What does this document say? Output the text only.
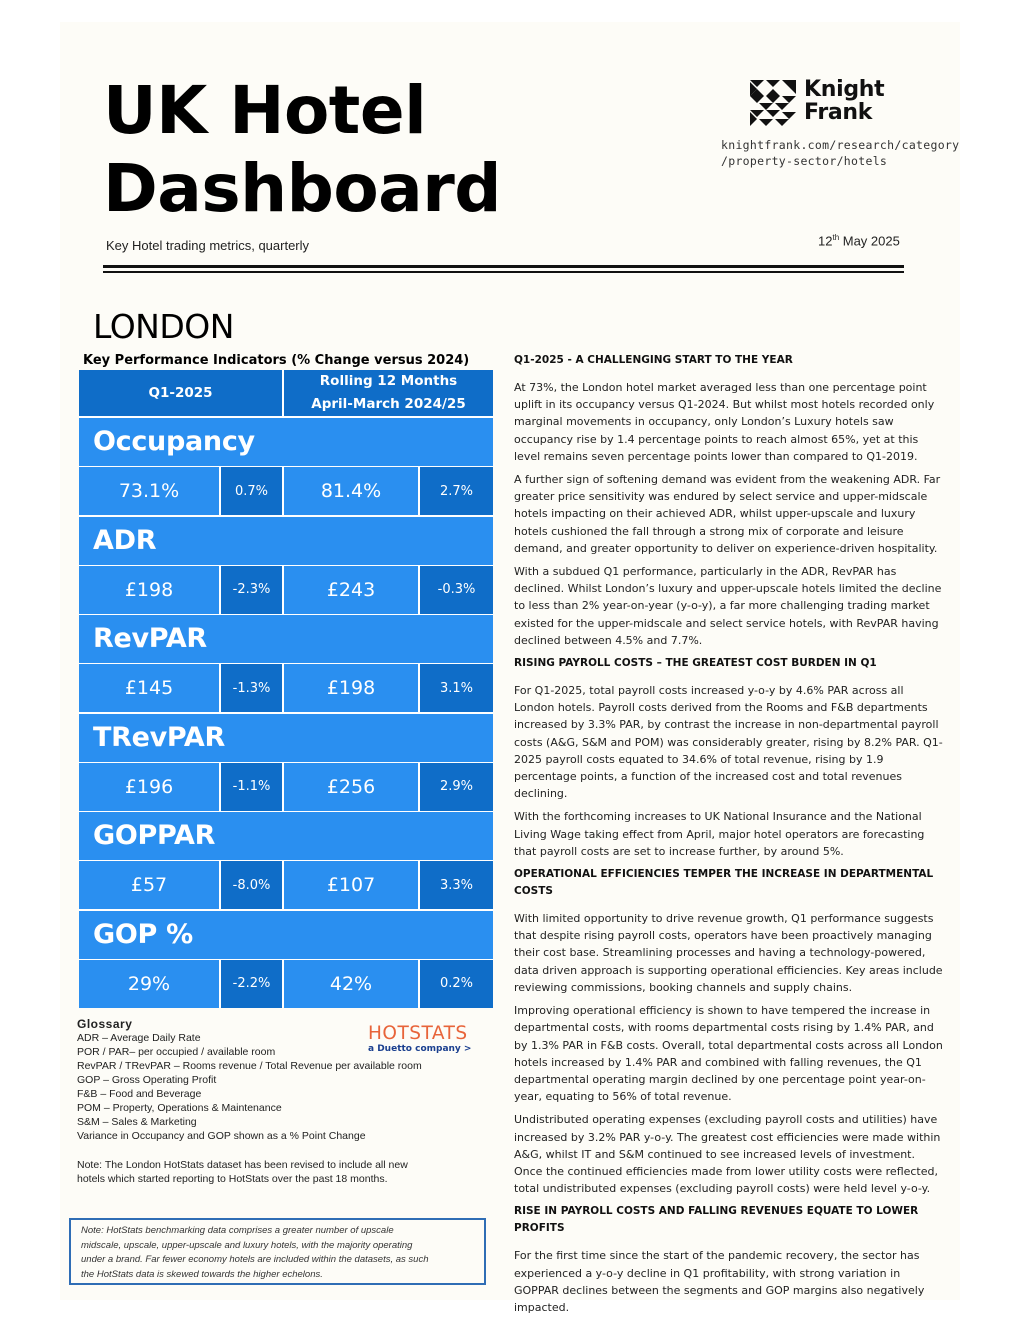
UK Hotel
Dashboard
Key Hotel trading metrics, quarterly
Knight
Frank
knightfrank.com/research/category
/property-sector/hotels
12th May 2025
LONDON
Key Performance Indicators (% Change versus 2024)
Q1-2025
Rolling 12 Months
April-March 2024/25
Occupancy
73.1%	0.7%	81.4%	2.7%
ADR
£198	-2.3%	£243	-0.3%
RevPAR
£145	-1.3%	£198	3.1%
TRevPAR
£196	-1.1%	£256	2.9%
GOPPAR
£57	-8.0%	£107	3.3%
GOP %
29%	-2.2%	42%	0.2%
Glossary
ADR – Average Daily Rate
POR / PAR– per occupied / available room
RevPAR / TRevPAR – Rooms revenue / Total Revenue per available room
GOP – Gross Operating Profit
F&B – Food and Beverage
POM – Property, Operations & Maintenance
S&M – Sales & Marketing
Variance in Occupancy and GOP shown as a % Point Change
Note: The London HotStats dataset has been revised to include all new
hotels which started reporting to HotStats over the past 18 months.
HOTSTATS
a Duetto company >
Note: HotStats benchmarking data comprises a greater number of upscale
midscale, upscale, upper-upscale and luxury hotels, with the majority operating
under a brand. Far fewer economy hotels are included within the datasets, as such
the HotStats data is skewed towards the higher echelons.
Q1-2025 - A CHALLENGING START TO THE YEAR

At 73%, the London hotel market averaged less than one percentage point uplift in its occupancy versus Q1-2024. But whilst most hotels recorded only marginal movements in occupancy, only London’s Luxury hotels saw occupancy rise by 1.4 percentage points to reach almost 65%, yet at this level remains seven percentage points lower than compared to Q1-2019.

A further sign of softening demand was evident from the weakening ADR. Far greater price sensitivity was endured by select service and upper-midscale hotels impacting on their achieved ADR, whilst upper-upscale and luxury hotels cushioned the fall through a strong mix of corporate and leisure demand, and greater opportunity to deliver on experience-driven hospitality.

With a subdued Q1 performance, particularly in the ADR, RevPAR has declined. Whilst London’s luxury and upper-upscale hotels limited the decline to less than 2% year-on-year (y-o-y), a far more challenging trading market existed for the upper-midscale and select service hotels, with RevPAR having declined between 4.5% and 7.7%.

RISING PAYROLL COSTS – THE GREATEST COST BURDEN IN Q1

For Q1-2025, total payroll costs increased y-o-y by 4.6% PAR across all London hotels. Payroll costs derived from the Rooms and F&B departments increased by 3.3% PAR, by contrast the increase in non-departmental payroll costs (A&G, S&M and POM) was considerably greater, rising by 8.2% PAR. Q1-2025 payroll costs equated to 34.6% of total revenue, rising by 1.9 percentage points, a function of the increased cost and total revenues declining.

With the forthcoming increases to UK National Insurance and the National Living Wage taking effect from April, major hotel operators are forecasting that payroll costs are set to increase further, by around 5%.

OPERATIONAL EFFICIENCIES TEMPER THE INCREASE IN DEPARTMENTAL COSTS

With limited opportunity to drive revenue growth, Q1 performance suggests that despite rising payroll costs, operators have been proactively managing their cost base. Streamlining processes and having a technology-powered, data driven approach is supporting operational efficiencies. Key areas include reviewing commissions, booking channels and supply chains.

Improving operational efficiency is shown to have tempered the increase in departmental costs, with rooms departmental costs rising by 1.4% PAR, and by 1.3% PAR in F&B costs. Overall, total departmental costs across all London hotels increased by 1.4% PAR and combined with falling revenues, the Q1 departmental operating margin declined by one percentage point year-on-year, equating to 56% of total revenue.

Undistributed operating expenses (excluding payroll costs and utilities) have increased by 3.2% PAR y-o-y. The greatest cost efficiencies were made within A&G, whilst IT and S&M continued to see increased levels of investment. Once the continued efficiencies made from lower utility costs were reflected, total undistributed expenses (excluding payroll costs) were held level y-o-y.

RISE IN PAYROLL COSTS AND FALLING REVENUES EQUATE TO LOWER PROFITS

For the first time since the start of the pandemic recovery, the sector has experienced a y-o-y decline in Q1 profitability, with strong variation in GOPPAR declines between the segments and GOP margins also negatively impacted.
